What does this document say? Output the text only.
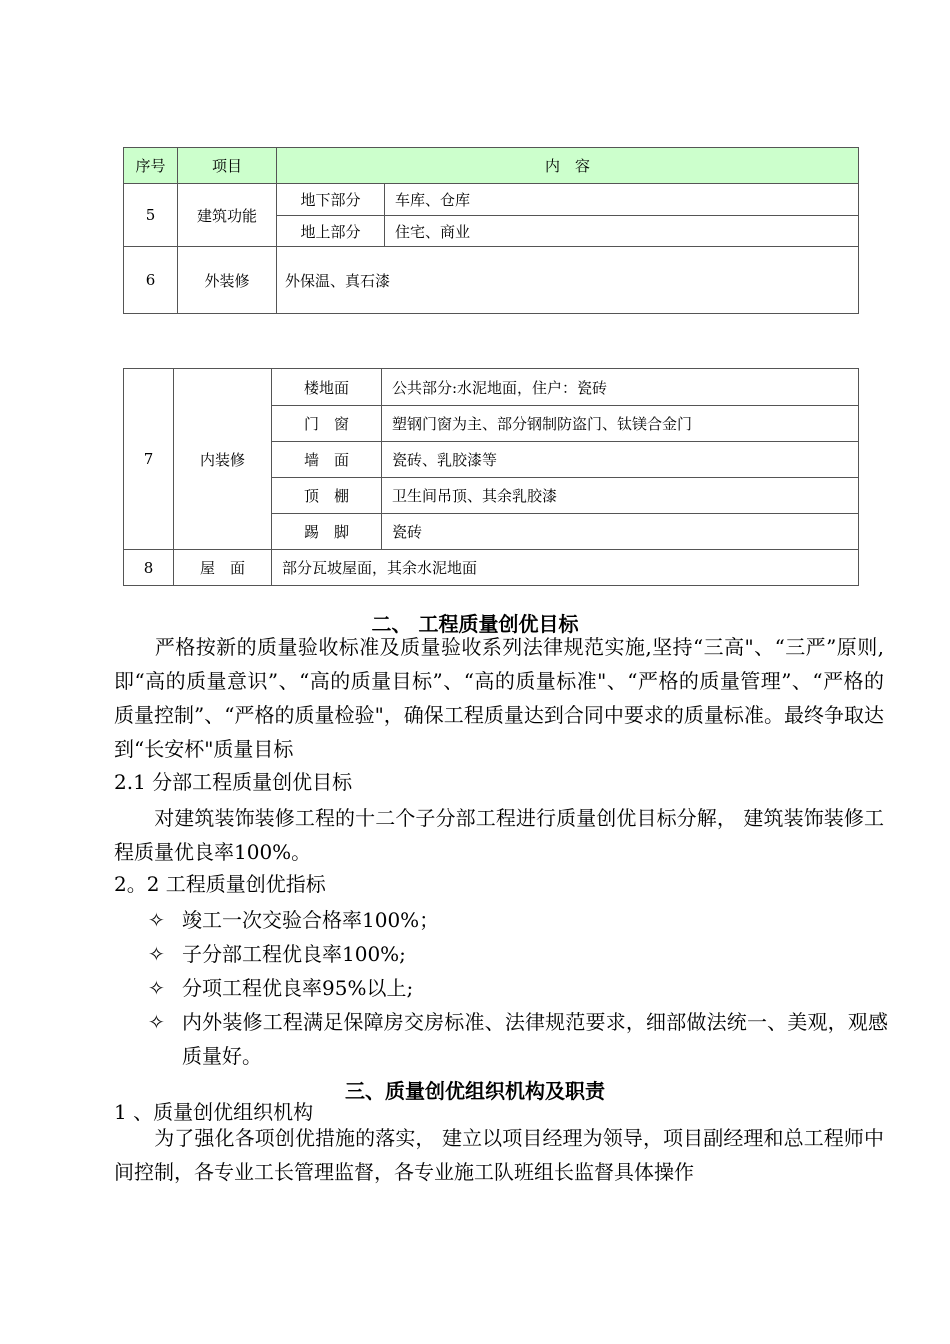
序号	项目	内　容	
5	建筑功能	地下部分	车库、仓库
		地上部分	住宅、商业
6	外装修	外保温、真石漆	
7	内装修	楼地面	公共部分:水泥地面，住户：瓷砖
		门　窗	塑钢门窗为主、部分钢制防盗门、钛镁合金门
		墙　面	瓷砖、乳胶漆等
		顶　棚	卫生间吊顶、其余乳胶漆
		踢　脚	瓷砖
8	屋　面	部分瓦坡屋面，其余水泥地面	
二、 工程质量创优目标

　　严格按新的质量验收标准及质量验收系列法律规范实施,坚持“三高"、“三严”原则,即“高的质量意识”、“高的质量目标”、“高的质量标准"、“严格的质量管理”、“严格的质量控制”、“严格的质量检验"，确保工程质量达到合同中要求的质量标准。最终争取达到“长安杯"质量目标

2.1 分部工程质量创优目标

　　对建筑装饰装修工程的十二个子分部工程进行质量创优目标分解， 建筑装饰装修工程质量优良率100%。

2。2 工程质量创优指标
✧ 竣工一次交验合格率100%；
✧ 子分部工程优良率100%;
✧ 分项工程优良率95%以上;
✧ 内外装修工程满足保障房交房标准、法律规范要求，细部做法统一、美观，观感质量好。
三、质量创优组织机构及职责
1 、质量创优组织机构

　　为了强化各项创优措施的落实， 建立以项目经理为领导，项目副经理和总工程师中间控制，各专业工长管理监督，各专业施工队班组长监督具体操作
